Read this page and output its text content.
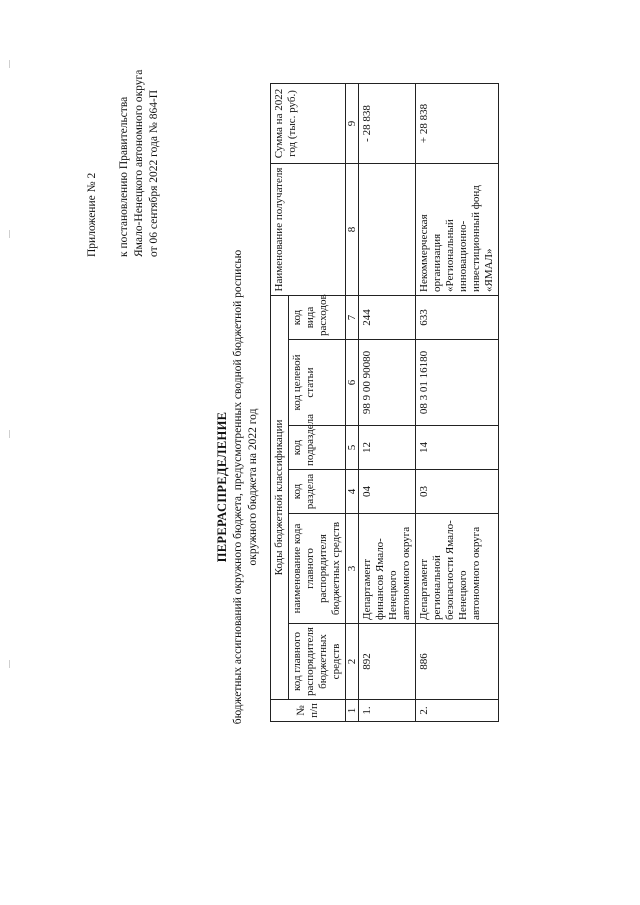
Приложение № 2 к постановлению Правительства Ямало-Ненецкого автономного округа от 06 сентября 2022 года № 864-П
ПЕРЕРАСПРЕДЕЛЕНИЕ бюджетных ассигнований окружного бюджета, предусмотренных сводной бюджетной росписью окружного бюджета на 2022 год
№ п/п	Коды бюджетной классификации						Наименование получателя	Сумма на 2022 год (тыс. руб.)
	код главного распорядителя бюджетных средств	наименование кода главного распорядителя бюджетных средств	код раздела	код подраздела	код целевой статьи	код вида расходов		
1	2	3	4	5	6	7	8	9
1.	892	Департамент финансов Ямало-Ненецкого автономного округа	04	12	98 9 00 90080	244		- 28 838
2.	886	Департамент региональной безопасности Ямало-Ненецкого автономного округа	03	14	08 3 01 16180	633	Некоммерческая организация «Региональный инновационно-инвестиционный фонд «ЯМАЛ»	+ 28 838
